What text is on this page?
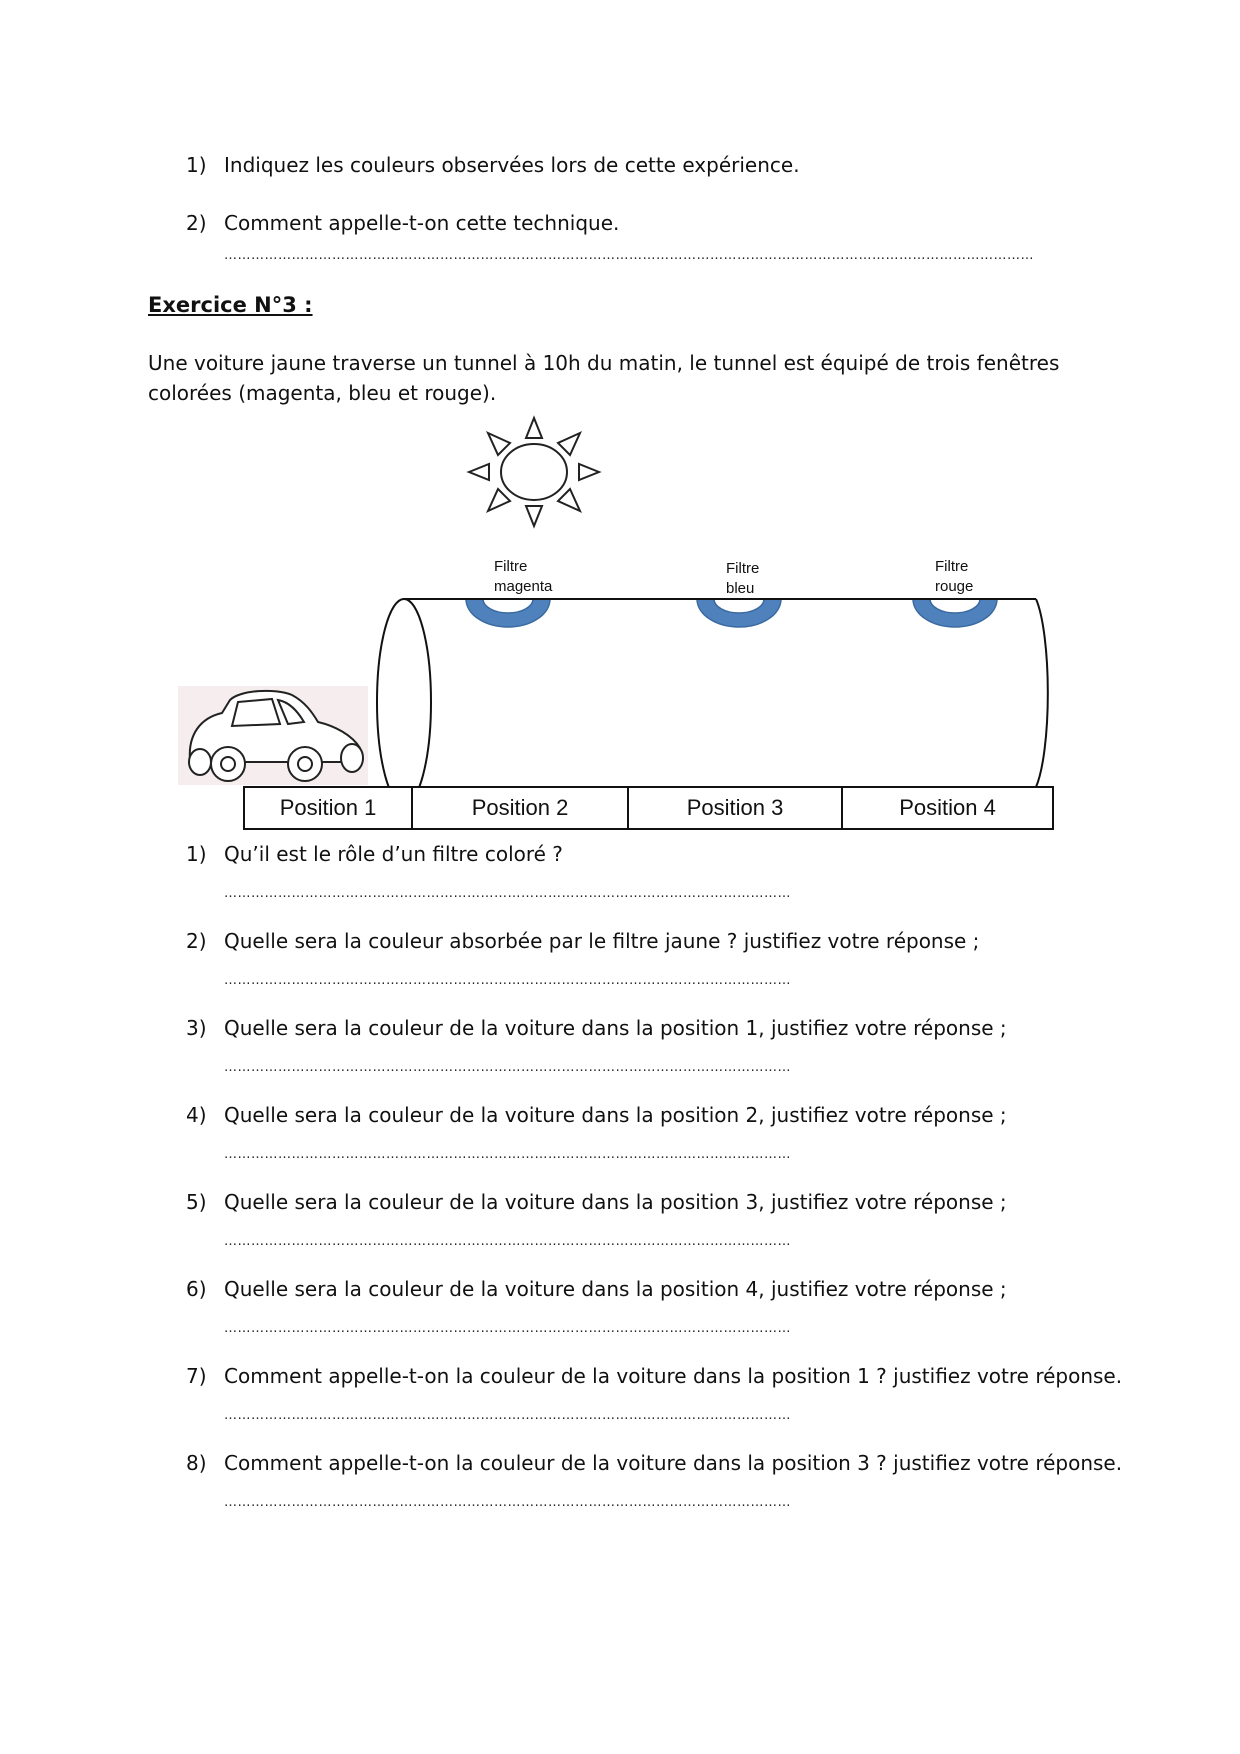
1) Indiquez les couleurs observées lors de cette expérience.
2) Comment appelle-t-on cette technique.
………………………………………………………………………………………………………………………………………………………………
Exercice N°3 :
Une voiture jaune traverse un tunnel à 10h du matin, le tunnel est équipé de trois fenêtres colorées (magenta, bleu et rouge).
Filtre
magenta
Filtre
bleu
Filtre
rouge
Position 1	Position 2	Position 3	Position 4
1) Qu’il est le rôle d’un filtre coloré ?
………………………………………………………………………………………………………………
2) Quelle sera la couleur absorbée par le filtre jaune ? justifiez votre réponse ;
………………………………………………………………………………………………………………
3) Quelle sera la couleur de la voiture dans la position 1, justifiez votre réponse ;
………………………………………………………………………………………………………………
4) Quelle sera la couleur de la voiture dans la position 2, justifiez votre réponse ;
………………………………………………………………………………………………………………
5) Quelle sera la couleur de la voiture dans la position 3, justifiez votre réponse ;
………………………………………………………………………………………………………………
6) Quelle sera la couleur de la voiture dans la position 4, justifiez votre réponse ;
………………………………………………………………………………………………………………
7) Comment appelle-t-on la couleur de la voiture dans la position 1 ? justifiez votre réponse.
………………………………………………………………………………………………………………
8) Comment appelle-t-on la couleur de la voiture dans la position 3 ? justifiez votre réponse.
………………………………………………………………………………………………………………
